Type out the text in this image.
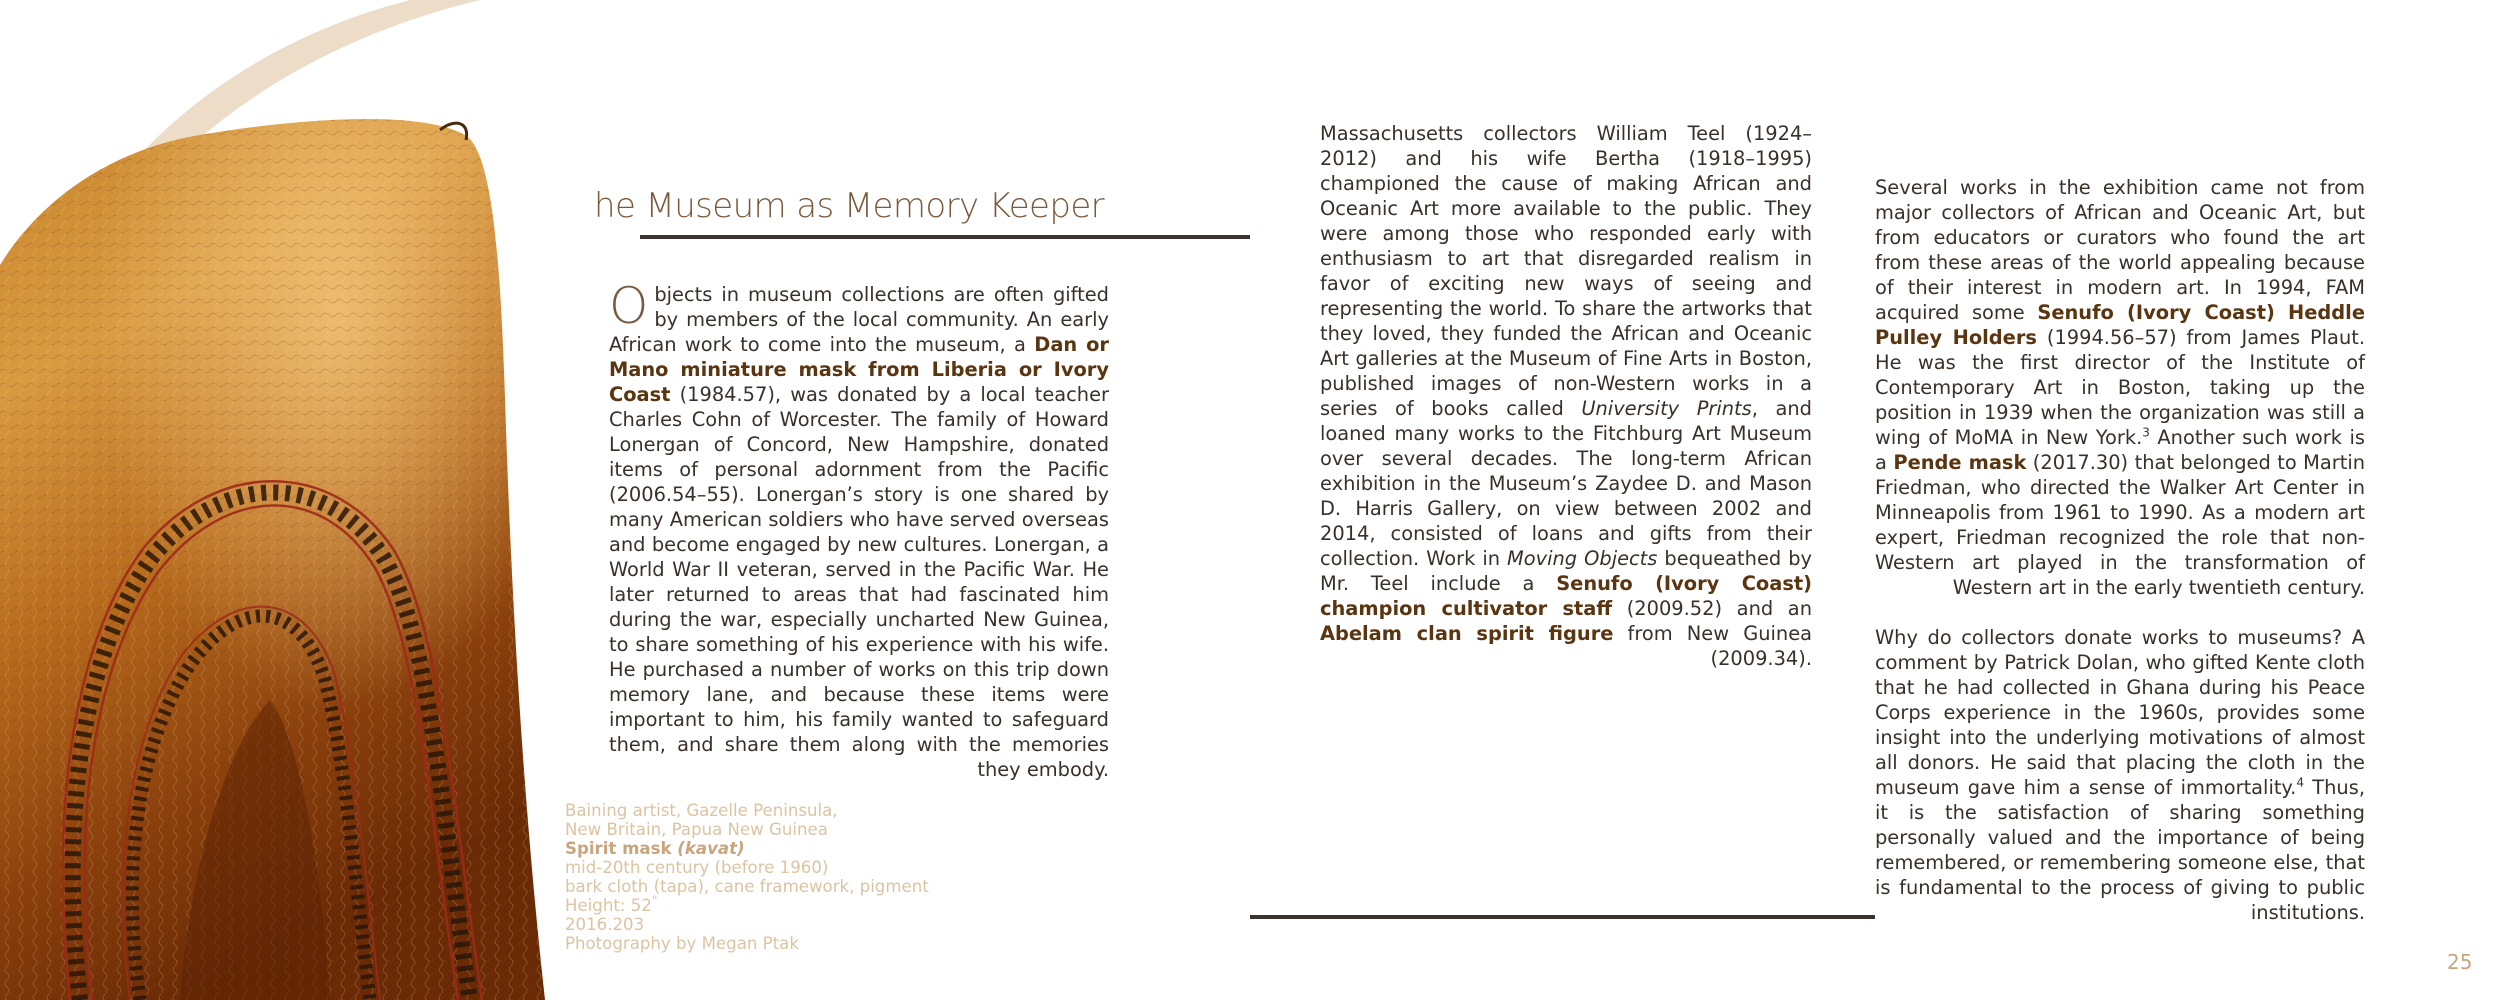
he Museum as Memory Keeper

Objects in museum collections are often gifted by members of the local community. An early African work to come into the museum, a Dan or Mano miniature mask from Liberia or Ivory Coast (1984.57), was donated by a local teacher Charles Cohn of Worcester. The family of Howard Lonergan of Concord, New Hampshire, donated items of personal adornment from the Pacific (2006.54–55). Lonergan’s story is one shared by many American soldiers who have served overseas and become engaged by new cultures. Lonergan, a World War II veteran, served in the Pacific War. He later returned to areas that had fascinated him during the war, especially uncharted New Guinea, to share something of his experience with his wife. He purchased a number of works on this trip down memory lane, and because these items were important to him, his family wanted to safeguard them, and share them along with the memories they embody.

Massachusetts collectors William Teel (1924–2012) and his wife Bertha (1918–1995) championed the cause of making African and Oceanic Art more available to the public. They were among those who responded early with enthusiasm to art that disregarded realism in favor of exciting new ways of seeing and representing the world. To share the artworks that they loved, they funded the African and Oceanic Art galleries at the Museum of Fine Arts in Boston, published images of non-Western works in a series of books called University Prints, and loaned many works to the Fitchburg Art Museum over several decades. The long-term African exhibition in the Museum’s Zaydee D. and Mason D. Harris Gallery, on view between 2002 and 2014, consisted of loans and gifts from their collection. Work in Moving Objects bequeathed by Mr. Teel include a Senufo (Ivory Coast) champion cultivator staff (2009.52) and an Abelam clan spirit figure from New Guinea (2009.34).

Several works in the exhibition came not from major collectors of African and Oceanic Art, but from educators or curators who found the art from these areas of the world appealing because of their interest in modern art. In 1994, FAM acquired some Senufo (Ivory Coast) Heddle Pulley Holders (1994.56–57) from James Plaut. He was the first director of the Institute of Contemporary Art in Boston, taking up the position in 1939 when the organization was still a wing of MoMA in New York.$^3$ Another such work is a Pende mask (2017.30) that belonged to Martin Friedman, who directed the Walker Art Center in Minneapolis from 1961 to 1990. As a modern art expert, Friedman recognized the role that non-Western art played in the transformation of Western art in the early twentieth century.

Why do collectors donate works to museums? A comment by Patrick Dolan, who gifted Kente cloth that he had collected in Ghana during his Peace Corps experience in the 1960s, provides some insight into the underlying motivations of almost all donors. He said that placing the cloth in the museum gave him a sense of immortality.$^4$ Thus, it is the satisfaction of sharing something personally valued and the importance of being remembered, or remembering someone else, that is fundamental to the process of giving to public institutions.

Baining artist, Gazelle Peninsula,
New Britain, Papua New Guinea
Spirit mask (kavat)
mid-20th century (before 1960)
bark cloth (tapa), cane framework, pigment
Height: 52"
2016.203
Photography by Megan Ptak
25
